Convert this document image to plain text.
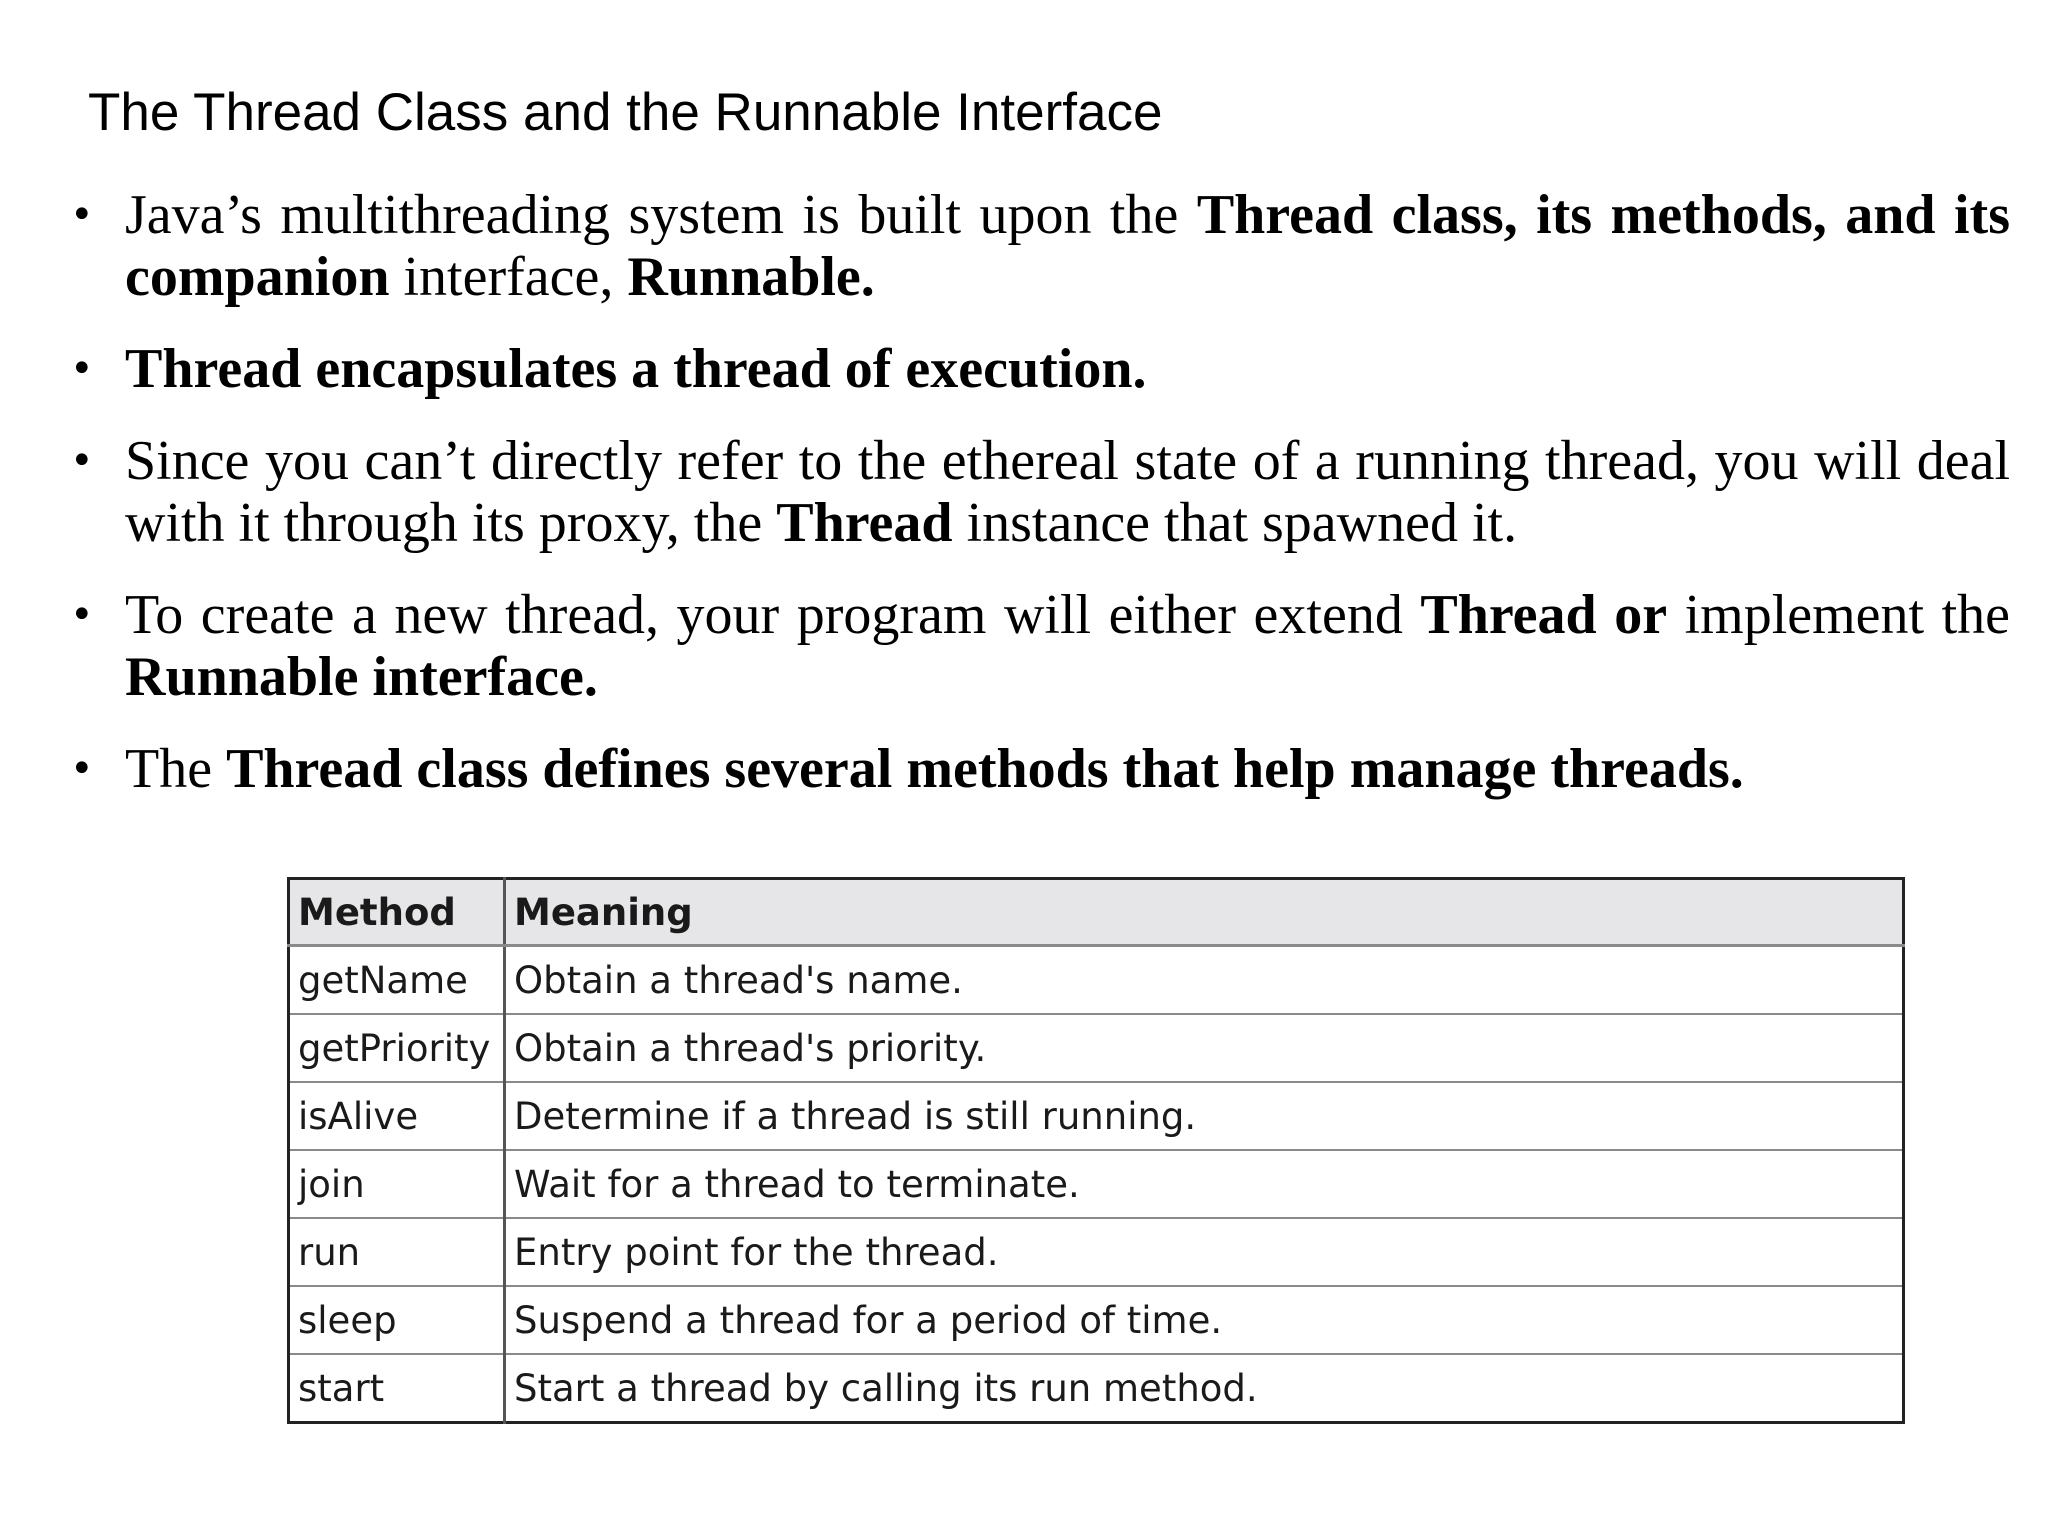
The Thread Class and the Runnable Interface
• Java’s multithreading system is built upon the Thread class, its methods, and its companion interface, Runnable.
• Thread encapsulates a thread of execution.
• Since you can’t directly refer to the ethereal state of a running thread, you will deal with it through its proxy, the Thread instance that spawned it.
• To create a new thread, your program will either extend Thread or implement the Runnable interface.
• The Thread class defines several methods that help manage threads.
Method	Meaning
getName	Obtain a thread's name.
getPriority	Obtain a thread's priority.
isAlive	Determine if a thread is still running.
join	Wait for a thread to terminate.
run	Entry point for the thread.
sleep	Suspend a thread for a period of time.
start	Start a thread by calling its run method.
